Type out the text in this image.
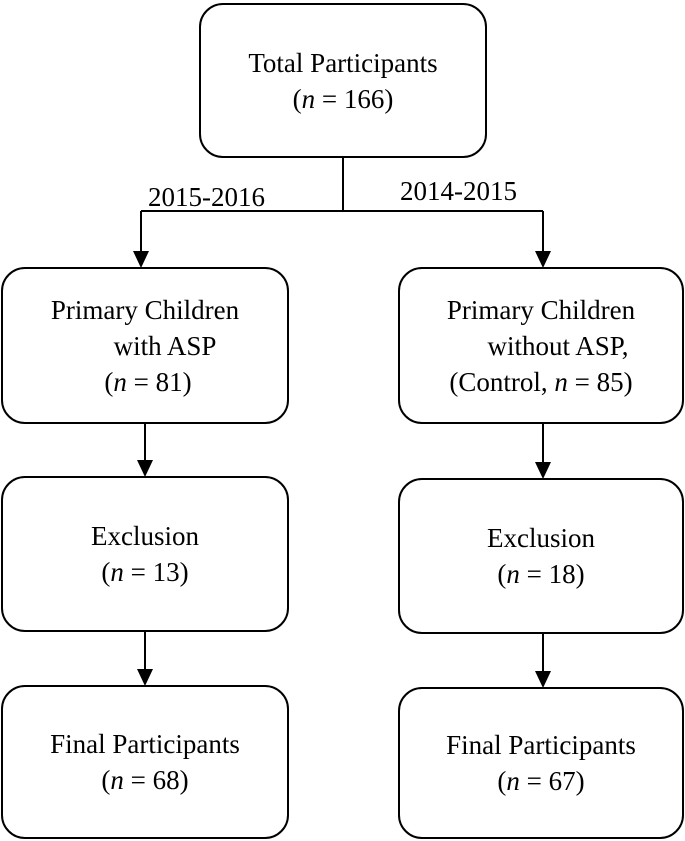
2015-2016	2014-2015
Total Participants
(n = 166)
Primary Children
with ASP
(n = 81)
Primary Children
without ASP,
(Control, n = 85)
Exclusion
(n = 13)
Exclusion
(n = 18)
Final Participants
(n = 68)
Final Participants
(n = 67)
